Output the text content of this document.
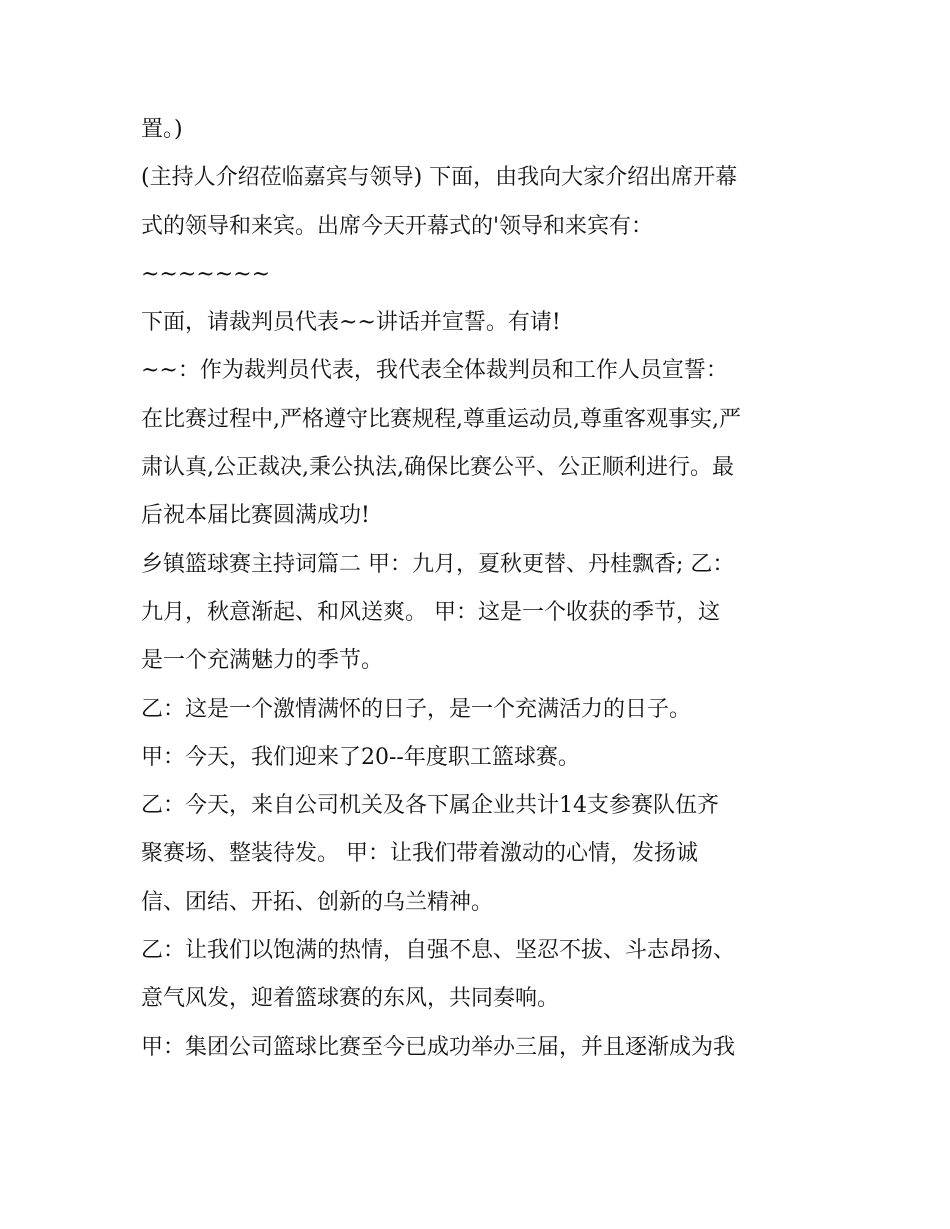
置。)
(主持人介绍莅临嘉宾与领导) 下面，由我向大家介绍出席开幕
式的领导和来宾。出席今天开幕式的'领导和来宾有：
~~~~~~~
下面，请裁判员代表~~讲话并宣誓。有请!
~~：作为裁判员代表，我代表全体裁判员和工作人员宣誓：
在比赛过程中,严格遵守比赛规程,尊重运动员,尊重客观事实,严
肃认真,公正裁决,秉公执法,确保比赛公平、公正顺利进行。最
后祝本届比赛圆满成功!
乡镇篮球赛主持词篇二 甲：九月，夏秋更替、丹桂飘香; 乙：
九月，秋意渐起、和风送爽。 甲：这是一个收获的季节，这
是一个充满魅力的季节。
乙：这是一个激情满怀的日子，是一个充满活力的日子。
甲：今天，我们迎来了20--年度职工篮球赛。
乙：今天，来自公司机关及各下属企业共计14支参赛队伍齐
聚赛场、整装待发。 甲：让我们带着激动的心情，发扬诚
信、团结、开拓、创新的乌兰精神。
乙：让我们以饱满的热情，自强不息、坚忍不拔、斗志昂扬、
意气风发，迎着篮球赛的东风，共同奏响。
甲：集团公司篮球比赛至今已成功举办三届，并且逐渐成为我
